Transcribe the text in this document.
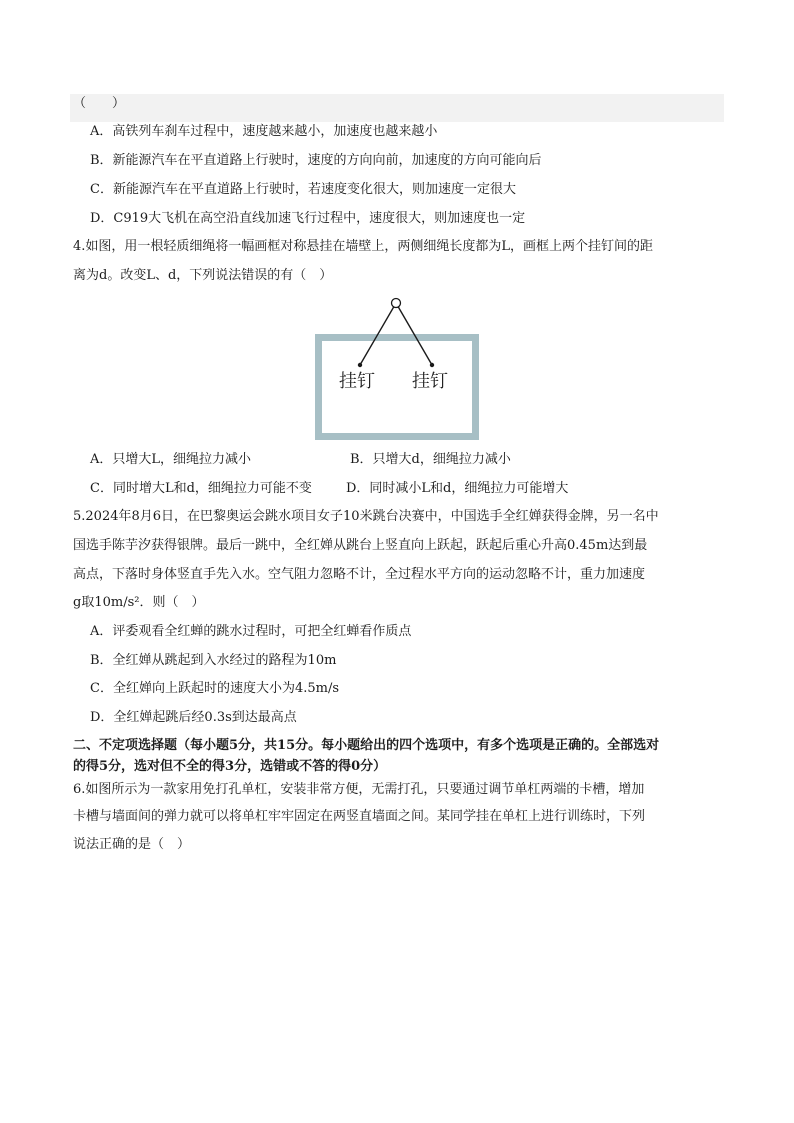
（　　）
A．高铁列车刹车过程中，速度越来越小，加速度也越来越小
B．新能源汽车在平直道路上行驶时，速度的方向向前，加速度的方向可能向后
C．新能源汽车在平直道路上行驶时，若速度变化很大，则加速度一定很大
D．C919大飞机在高空沿直线加速飞行过程中，速度很大，则加速度也一定
4.如图，用一根轻质细绳将一幅画框对称悬挂在墙壁上，两侧细绳长度都为L，画框上两个挂钉间的距
离为d。改变L、d，下列说法错误的有（　）
挂钉 挂钉
A．只增大L，细绳拉力减小	B．只增大d，细绳拉力减小
C．同时增大L和d，细绳拉力可能不变	D．同时减小L和d，细绳拉力可能增大
5.2024年8月6日，在巴黎奥运会跳水项目女子10米跳台决赛中，中国选手全红婵获得金牌，另一名中
国选手陈芋汐获得银牌。最后一跳中，全红婵从跳台上竖直向上跃起，跃起后重心升高0.45m达到最
高点，下落时身体竖直手先入水。空气阻力忽略不计，全过程水平方向的运动忽略不计，重力加速度
g取10m/s²．则（　）
A．评委观看全红蝉的跳水过程时，可把全红蝉看作质点
B．全红婵从跳起到入水经过的路程为10m
C．全红婵向上跃起时的速度大小为4.5m/s
D．全红婵起跳后经0.3s到达最高点
二、不定项选择题（每小题5分，共15分。每小题给出的四个选项中，有多个选项是正确的。全部选对
的得5分，选对但不全的得3分，选错或不答的得0分）
6.如图所示为一款家用免打孔单杠，安装非常方便，无需打孔，只要通过调节单杠两端的卡槽，增加
卡槽与墙面间的弹力就可以将单杠牢牢固定在两竖直墙面之间。某同学挂在单杠上进行训练时，下列
说法正确的是（　）
